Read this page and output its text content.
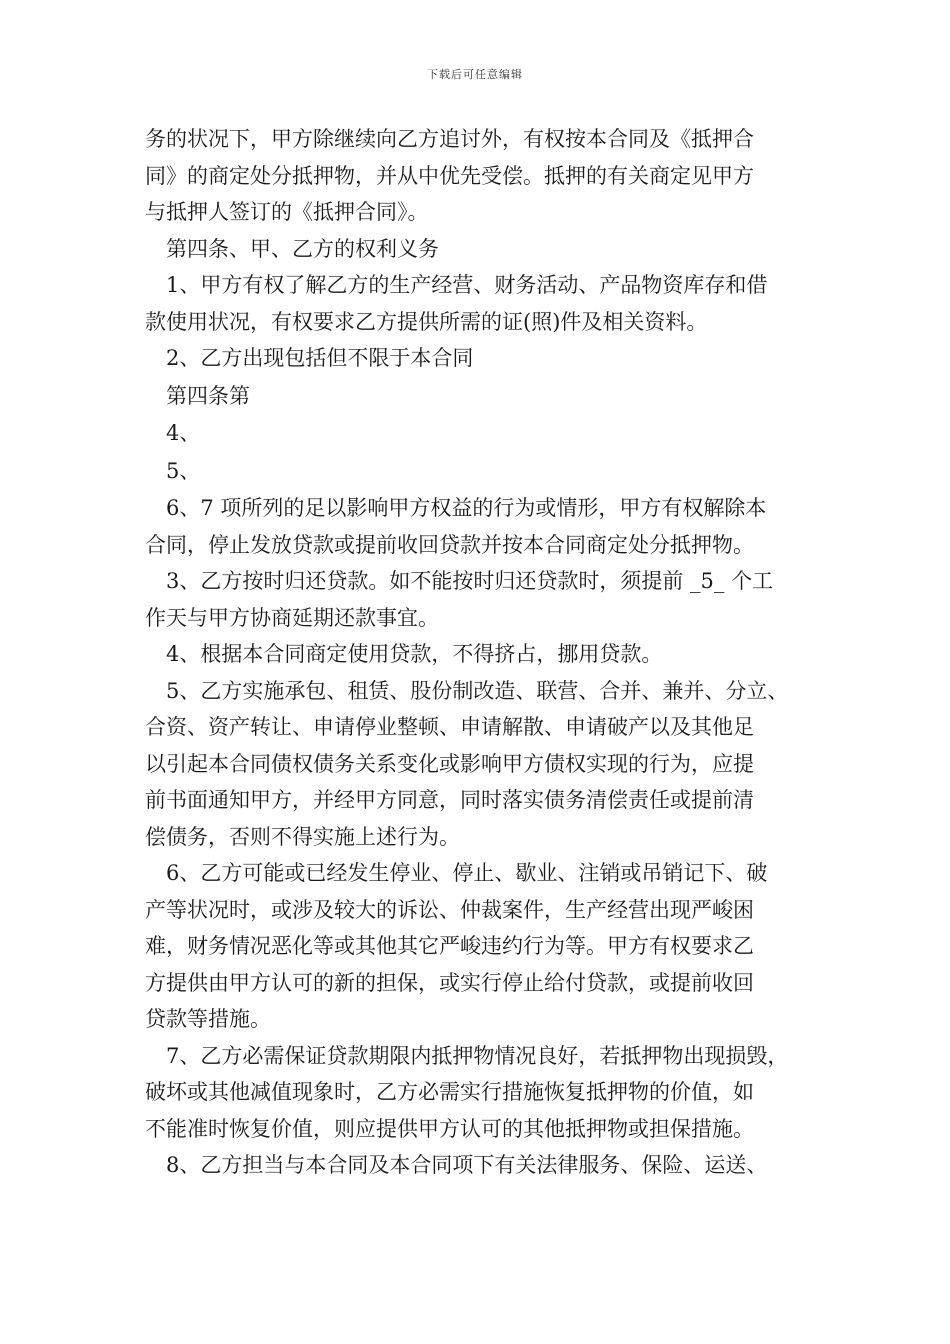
下载后可任意编辑
务的状况下，甲方除继续向乙方追讨外，有权按本合同及《抵押合
同》的商定处分抵押物，并从中优先受偿。抵押的有关商定见甲方
与抵押人签订的《抵押合同》。
　第四条、甲、乙方的权利义务
　1、甲方有权了解乙方的生产经营、财务活动、产品物资库存和借
款使用状况，有权要求乙方提供所需的证(照)件及相关资料。
　2、乙方出现包括但不限于本合同
　第四条第
　4、
　5、
　6、7 项所列的足以影响甲方权益的行为或情形，甲方有权解除本
合同，停止发放贷款或提前收回贷款并按本合同商定处分抵押物。
　3、乙方按时归还贷款。如不能按时归还贷款时，须提前 _5_ 个工
作天与甲方协商延期还款事宜。
　4、根据本合同商定使用贷款，不得挤占，挪用贷款。
　5、乙方实施承包、租赁、股份制改造、联营、合并、兼并、分立、
合资、资产转让、申请停业整顿、申请解散、申请破产以及其他足
以引起本合同债权债务关系变化或影响甲方债权实现的行为，应提
前书面通知甲方，并经甲方同意，同时落实债务清偿责任或提前清
偿债务，否则不得实施上述行为。
　6、乙方可能或已经发生停业、停止、歇业、注销或吊销记下、破
产等状况时，或涉及较大的诉讼、仲裁案件，生产经营出现严峻困
难，财务情况恶化等或其他其它严峻违约行为等。甲方有权要求乙
方提供由甲方认可的新的担保，或实行停止给付贷款，或提前收回
贷款等措施。
　7、乙方必需保证贷款期限内抵押物情况良好，若抵押物出现损毁，
破坏或其他减值现象时，乙方必需实行措施恢复抵押物的价值，如
不能准时恢复价值，则应提供甲方认可的其他抵押物或担保措施。
　8、乙方担当与本合同及本合同项下有关法律服务、保险、运送、
